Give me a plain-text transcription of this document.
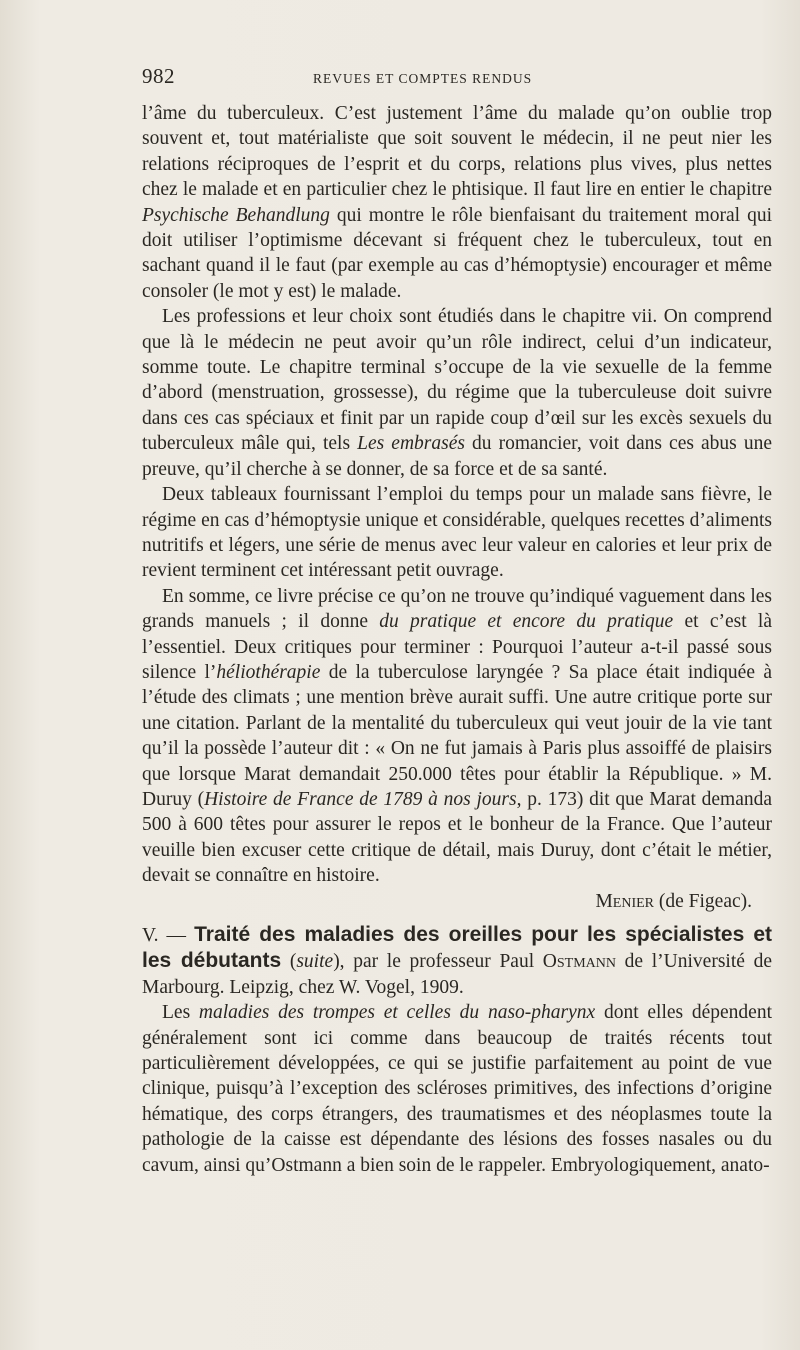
982	REVUES ET COMPTES RENDUS

l’âme du tuberculeux. C’est justement l’âme du malade qu’on oublie trop souvent et, tout matérialiste que soit souvent le médecin, il ne peut nier les relations réciproques de l’esprit et du corps, relations plus vives, plus nettes chez le malade et en particulier chez le phtisique. Il faut lire en entier le chapitre Psychische Behandlung qui montre le rôle bienfaisant du traitement moral qui doit utiliser l’optimisme décevant si fréquent chez le tuberculeux, tout en sachant quand il le faut (par exemple au cas d’hémoptysie) encourager et même consoler (le mot y est) le malade.

Les professions et leur choix sont étudiés dans le chapitre vii. On comprend que là le médecin ne peut avoir qu’un rôle indirect, celui d’un indicateur, somme toute. Le chapitre terminal s’occupe de la vie sexuelle de la femme d’abord (menstruation, grossesse), du régime que la tuberculeuse doit suivre dans ces cas spéciaux et finit par un rapide coup d’œil sur les excès sexuels du tuberculeux mâle qui, tels Les embrasés du romancier, voit dans ces abus une preuve, qu’il cherche à se donner, de sa force et de sa santé.

Deux tableaux fournissant l’emploi du temps pour un malade sans fièvre, le régime en cas d’hémoptysie unique et considérable, quelques recettes d’aliments nutritifs et légers, une série de menus avec leur valeur en calories et leur prix de revient terminent cet intéressant petit ouvrage.

En somme, ce livre précise ce qu’on ne trouve qu’indiqué vaguement dans les grands manuels ; il donne du pratique et encore du pratique et c’est là l’essentiel. Deux critiques pour terminer : Pourquoi l’auteur a-t-il passé sous silence l’héliothérapie de la tuberculose laryngée ? Sa place était indiquée à l’étude des climats ; une mention brève aurait suffi. Une autre critique porte sur une citation. Parlant de la mentalité du tuberculeux qui veut jouir de la vie tant qu’il la possède l’auteur dit : « On ne fut jamais à Paris plus assoiffé de plaisirs que lorsque Marat demandait 250.000 têtes pour établir la République. » M. Duruy (Histoire de France de 1789 à nos jours, p. 173) dit que Marat demanda 500 à 600 têtes pour assurer le repos et le bonheur de la France. Que l’auteur veuille bien excuser cette critique de détail, mais Duruy, dont c’était le métier, devait se connaître en histoire.

Menier (de Figeac).

V. — Traité des maladies des oreilles pour les spécialistes et les débutants (suite), par le professeur Paul Ostmann de l’Université de Marbourg. Leipzig, chez W. Vogel, 1909.

Les maladies des trompes et celles du naso-pharynx dont elles dépendent généralement sont ici comme dans beaucoup de traités récents tout particulièrement développées, ce qui se justifie parfaitement au point de vue clinique, puisqu’à l’exception des scléroses primitives, des infections d’origine hématique, des corps étrangers, des traumatismes et des néoplasmes toute la pathologie de la caisse est dépendante des lésions des fosses nasales ou du cavum, ainsi qu’Ostmann a bien soin de le rappeler. Embryologiquement, anato-
